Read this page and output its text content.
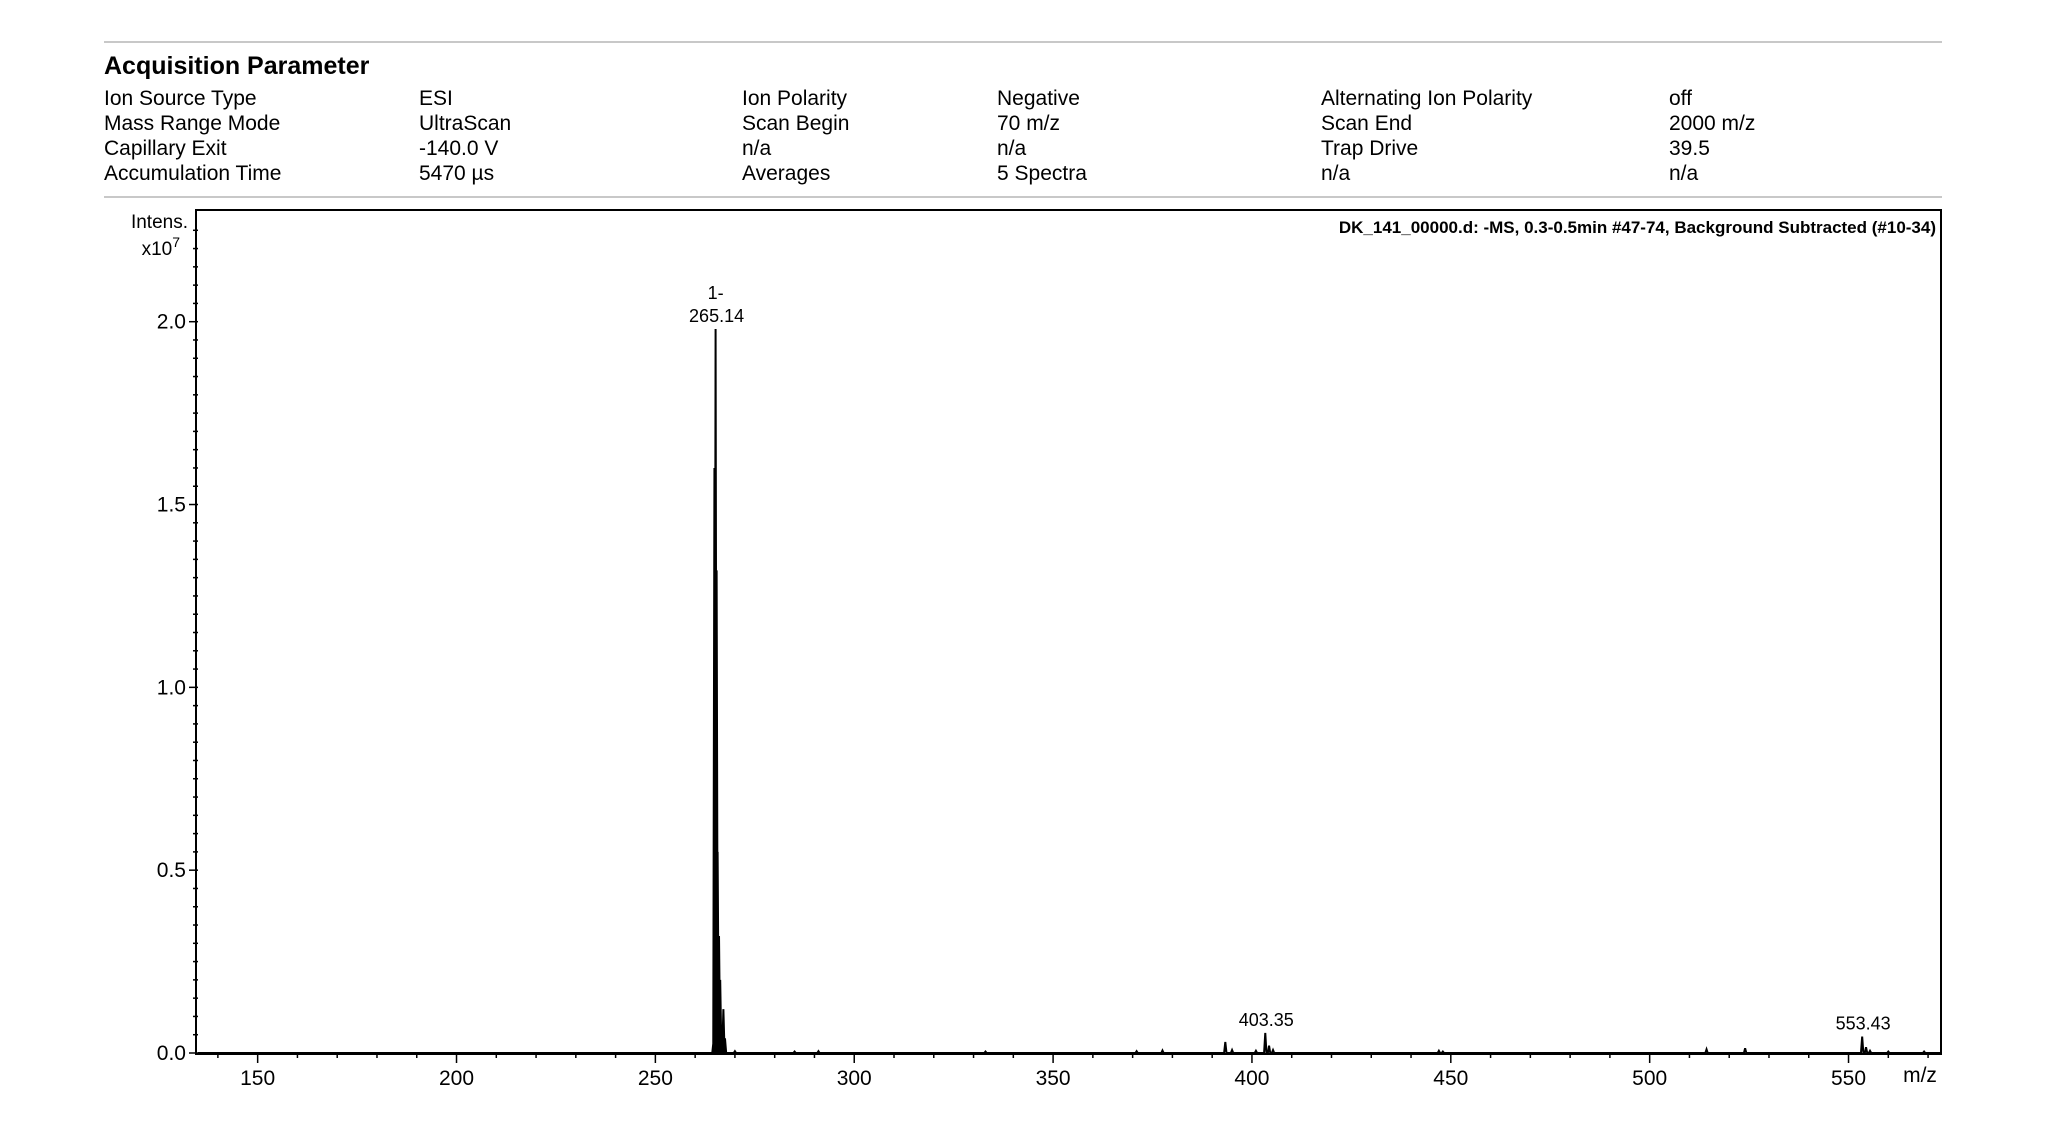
Acquisition Parameter
Ion Source Type	ESI	Ion Polarity	Negative	Alternating Ion Polarity	off
Mass Range Mode	UltraScan	Scan Begin	70 m/z	Scan End	2000 m/z
Capillary Exit	-140.0 V	n/a	n/a	Trap Drive	39.5
Accumulation Time	5470 µs	Averages	5 Spectra	n/a	n/a
150	200	250	300	350	400	450	500	550
0.0
0.5
1.0
1.5
2.0
1-
265.14
403.35	553.43
DK_141_00000.d: -MS, 0.3-0.5min #47-74, Background Subtracted (#10-34)
Intens.
$x10^7$
m/z
